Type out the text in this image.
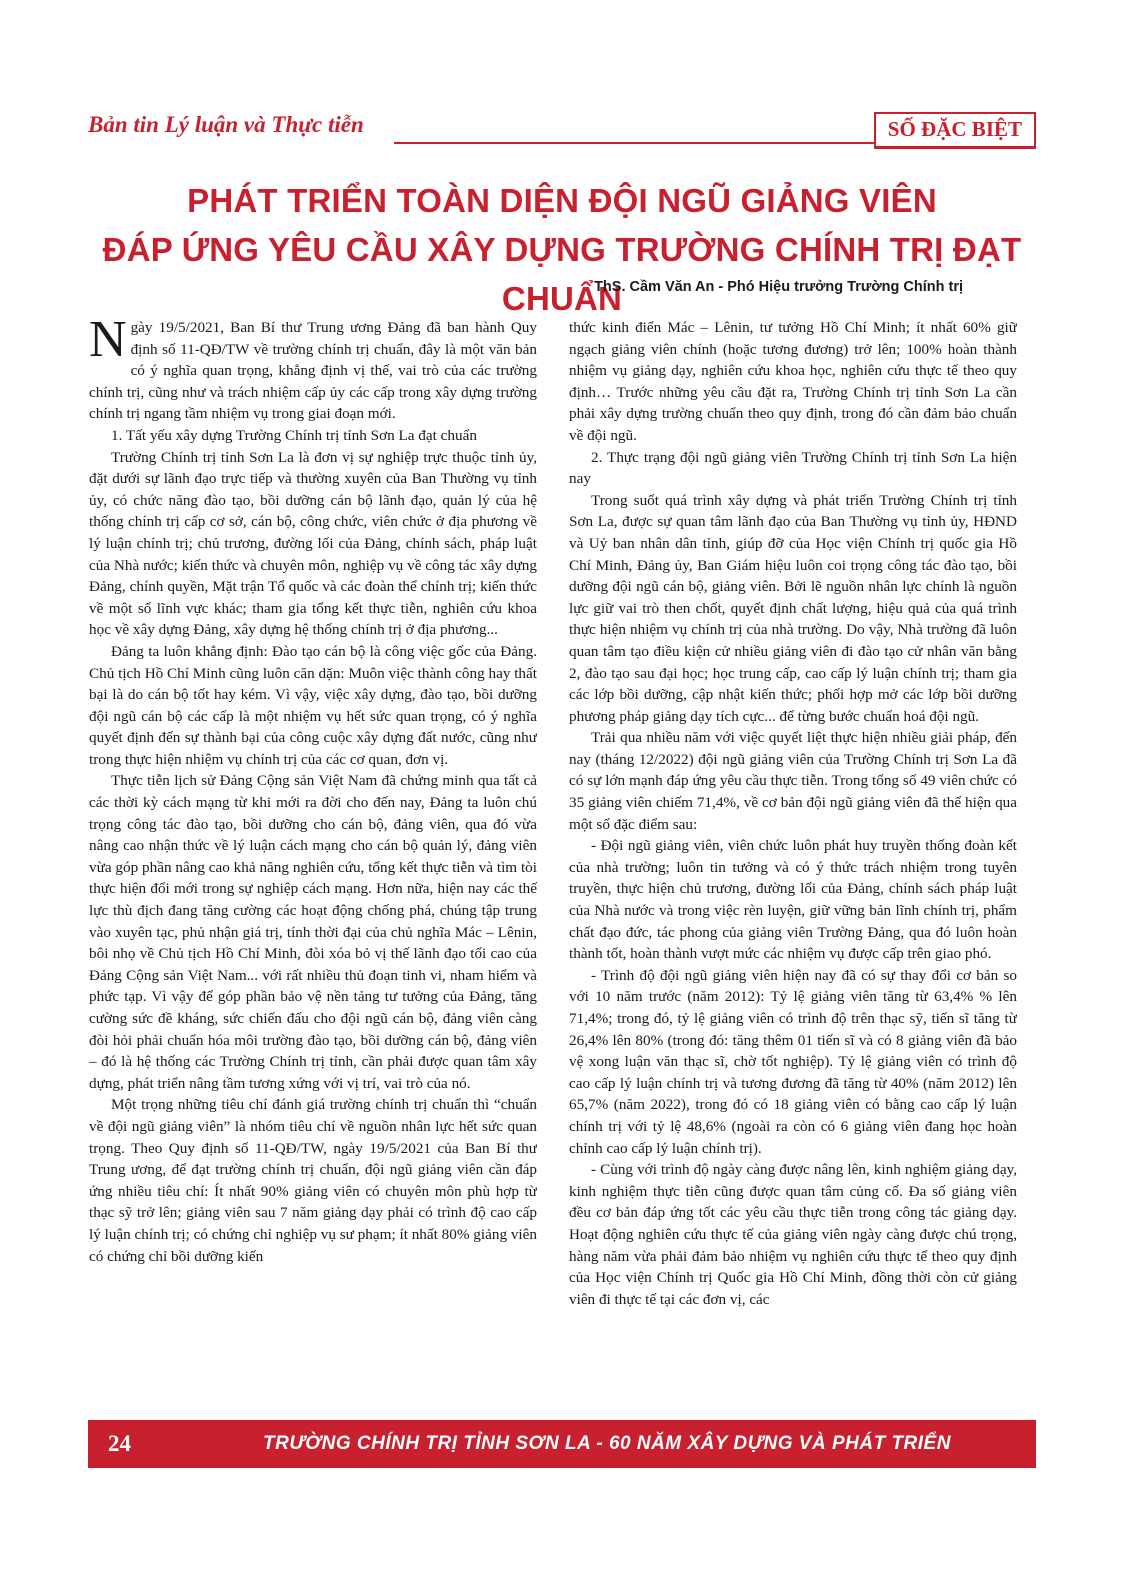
Bản tin Lý luận và Thực tiễn	SỐ ĐẶC BIỆT
PHÁT TRIỂN TOÀN DIỆN ĐỘI NGŨ GIẢNG VIÊN
ĐÁP ỨNG YÊU CẦU XÂY DỰNG TRƯỜNG CHÍNH TRỊ ĐẠT CHUẨN
ThS. Cầm Văn An - Phó Hiệu trưởng Trường Chính trị

Ngày 19/5/2021, Ban Bí thư Trung ương Đảng đã ban hành Quy định số 11-QĐ/TW về trường chính trị chuẩn, đây là một văn bản có ý nghĩa quan trọng, khẳng định vị thế, vai trò của các trường chính trị, cũng như và trách nhiệm cấp ủy các cấp trong xây dựng trường chính trị ngang tầm nhiệm vụ trong giai đoạn mới.

1. Tất yếu xây dựng Trường Chính trị tỉnh Sơn La đạt chuẩn

Trường Chính trị tỉnh Sơn La là đơn vị sự nghiệp trực thuộc tỉnh ủy, đặt dưới sự lãnh đạo trực tiếp và thường xuyên của Ban Thường vụ tỉnh ủy, có chức năng đào tạo, bồi dưỡng cán bộ lãnh đạo, quản lý của hệ thống chính trị cấp cơ sở, cán bộ, công chức, viên chức ở địa phương về lý luận chính trị; chủ trương, đường lối của Đảng, chính sách, pháp luật của Nhà nước; kiến thức và chuyên môn, nghiệp vụ về công tác xây dựng Đảng, chính quyền, Mặt trận Tổ quốc và các đoàn thể chính trị; kiến thức về một số lĩnh vực khác; tham gia tổng kết thực tiễn, nghiên cứu khoa học về xây dựng Đảng, xây dựng hệ thống chính trị ở địa phương...

Đảng ta luôn khẳng định: Đào tạo cán bộ là công việc gốc của Đảng. Chủ tịch Hồ Chí Minh cũng luôn căn dặn: Muôn việc thành công hay thất bại là do cán bộ tốt hay kém. Vì vậy, việc xây dựng, đào tạo, bồi dưỡng đội ngũ cán bộ các cấp là một nhiệm vụ hết sức quan trọng, có ý nghĩa quyết định đến sự thành bại của công cuộc xây dựng đất nước, cũng như trong thực hiện nhiệm vụ chính trị của các cơ quan, đơn vị.

Thực tiễn lịch sử Đảng Cộng sản Việt Nam đã chứng minh qua tất cả các thời kỳ cách mạng từ khi mới ra đời cho đến nay, Đảng ta luôn chú trọng công tác đào tạo, bồi dưỡng cho cán bộ, đảng viên, qua đó vừa nâng cao nhận thức về lý luận cách mạng cho cán bộ quản lý, đảng viên vừa góp phần nâng cao khả năng nghiên cứu, tổng kết thực tiễn và tìm tòi thực hiện đổi mới trong sự nghiệp cách mạng. Hơn nữa, hiện nay các thế lực thù địch đang tăng cường các hoạt động chống phá, chúng tập trung vào xuyên tạc, phủ nhận giá trị, tính thời đại của chủ nghĩa Mác – Lênin, bôi nhọ về Chủ tịch Hồ Chí Minh, đòi xóa bỏ vị thế lãnh đạo tối cao của Đảng Cộng sản Việt Nam... với rất nhiều thủ đoạn tinh vi, nham hiểm và phức tạp. Vì vậy để góp phần bảo vệ nền tảng tư tưởng của Đảng, tăng cường sức đề kháng, sức chiến đấu cho đội ngũ cán bộ, đảng viên càng đòi hỏi phải chuẩn hóa môi trường đào tạo, bồi dưỡng cán bộ, đảng viên – đó là hệ thống các Trường Chính trị tỉnh, cần phải được quan tâm xây dựng, phát triển nâng tầm tương xứng với vị trí, vai trò của nó.

Một trọng những tiêu chí đánh giá trường chính trị chuẩn thì “chuẩn về đội ngũ giảng viên” là nhóm tiêu chí về nguồn nhân lực hết sức quan trọng. Theo Quy định số 11-QĐ/TW, ngày 19/5/2021 của Ban Bí thư Trung ương, để đạt trường chính trị chuẩn, đội ngũ giảng viên cần đáp ứng nhiều tiêu chí: Ít nhất 90% giảng viên có chuyên môn phù hợp từ thạc sỹ trở lên; giảng viên sau 7 năm giảng dạy phải có trình độ cao cấp lý luận chính trị; có chứng chỉ nghiệp vụ sư phạm; ít nhất 80% giảng viên có chứng chỉ bồi dưỡng kiến

thức kinh điển Mác – Lênin, tư tưởng Hồ Chí Minh; ít nhất 60% giữ ngạch giảng viên chính (hoặc tương đương) trở lên; 100% hoàn thành nhiệm vụ giảng dạy, nghiên cứu khoa học, nghiên cứu thực tế theo quy định… Trước những yêu cầu đặt ra, Trường Chính trị tỉnh Sơn La cần phải xây dựng trường chuẩn theo quy định, trong đó cần đảm bảo chuẩn về đội ngũ.

2. Thực trạng đội ngũ giảng viên Trường Chính trị tỉnh Sơn La hiện nay

Trong suốt quá trình xây dựng và phát triển Trường Chính trị tỉnh Sơn La, được sự quan tâm lãnh đạo của Ban Thường vụ tỉnh ủy, HĐND và Uỷ ban nhân dân tỉnh, giúp đỡ của Học viện Chính trị quốc gia Hồ Chí Minh, Đảng ủy, Ban Giám hiệu luôn coi trọng công tác đào tạo, bồi dưỡng đội ngũ cán bộ, giảng viên. Bởi lẽ nguồn nhân lực chính là nguồn lực giữ vai trò then chốt, quyết định chất lượng, hiệu quả của quá trình thực hiện nhiệm vụ chính trị của nhà trường. Do vậy, Nhà trường đã luôn quan tâm tạo điều kiện cử nhiều giảng viên đi đào tạo cử nhân văn bằng 2, đào tạo sau đại học; học trung cấp, cao cấp lý luận chính trị; tham gia các lớp bồi dưỡng, cập nhật kiến thức; phối hợp mở các lớp bồi dưỡng phương pháp giảng dạy tích cực... để từng bước chuẩn hoá đội ngũ.

Trải qua nhiều năm với việc quyết liệt thực hiện nhiều giải pháp, đến nay (tháng 12/2022) đội ngũ giảng viên của Trường Chính trị Sơn La đã có sự lớn mạnh đáp ứng yêu cầu thực tiễn. Trong tổng số 49 viên chức có 35 giảng viên chiếm 71,4%, về cơ bản đội ngũ giảng viên đã thể hiện qua một số đặc điểm sau:

- Đội ngũ giảng viên, viên chức luôn phát huy truyền thống đoàn kết của nhà trường; luôn tin tưởng và có ý thức trách nhiệm trong tuyên truyền, thực hiện chủ trương, đường lối của Đảng, chính sách pháp luật của Nhà nước và trong việc rèn luyện, giữ vững bản lĩnh chính trị, phẩm chất đạo đức, tác phong của giảng viên Trường Đảng, qua đó luôn hoàn thành tốt, hoàn thành vượt mức các nhiệm vụ được cấp trên giao phó.

- Trình độ đội ngũ giảng viên hiện nay đã có sự thay đổi cơ bản so với 10 năm trước (năm 2012): Tỷ lệ giảng viên tăng từ 63,4% % lên 71,4%; trong đó, tỷ lệ giảng viên có trình độ trên thạc sỹ, tiến sĩ tăng từ 26,4% lên 80% (trong đó: tăng thêm 01 tiến sĩ và có 8 giảng viên đã bảo vệ xong luận văn thạc sĩ, chờ tốt nghiệp). Tỷ lệ giảng viên có trình độ cao cấp lý luận chính trị và tương đương đã tăng từ 40% (năm 2012) lên 65,7% (năm 2022), trong đó có 18 giảng viên có bằng cao cấp lý luận chính trị với tỷ lệ 48,6% (ngoài ra còn có 6 giảng viên đang học hoàn chỉnh cao cấp lý luận chính trị).

- Cùng với trình độ ngày càng được nâng lên, kinh nghiệm giảng dạy, kinh nghiệm thực tiễn cũng được quan tâm củng cố. Đa số giảng viên đều cơ bản đáp ứng tốt các yêu cầu thực tiễn trong công tác giảng dạy. Hoạt động nghiên cứu thực tế của giảng viên ngày càng được chú trọng, hàng năm vừa phải đảm bảo nhiệm vụ nghiên cứu thực tế theo quy định của Học viện Chính trị Quốc gia Hồ Chí Minh, đồng thời còn cử giảng viên đi thực tế tại các đơn vị, các

24	TRƯỜNG CHÍNH TRỊ TỈNH SƠN LA - 60 NĂM XÂY DỰNG VÀ PHÁT TRIỂN
